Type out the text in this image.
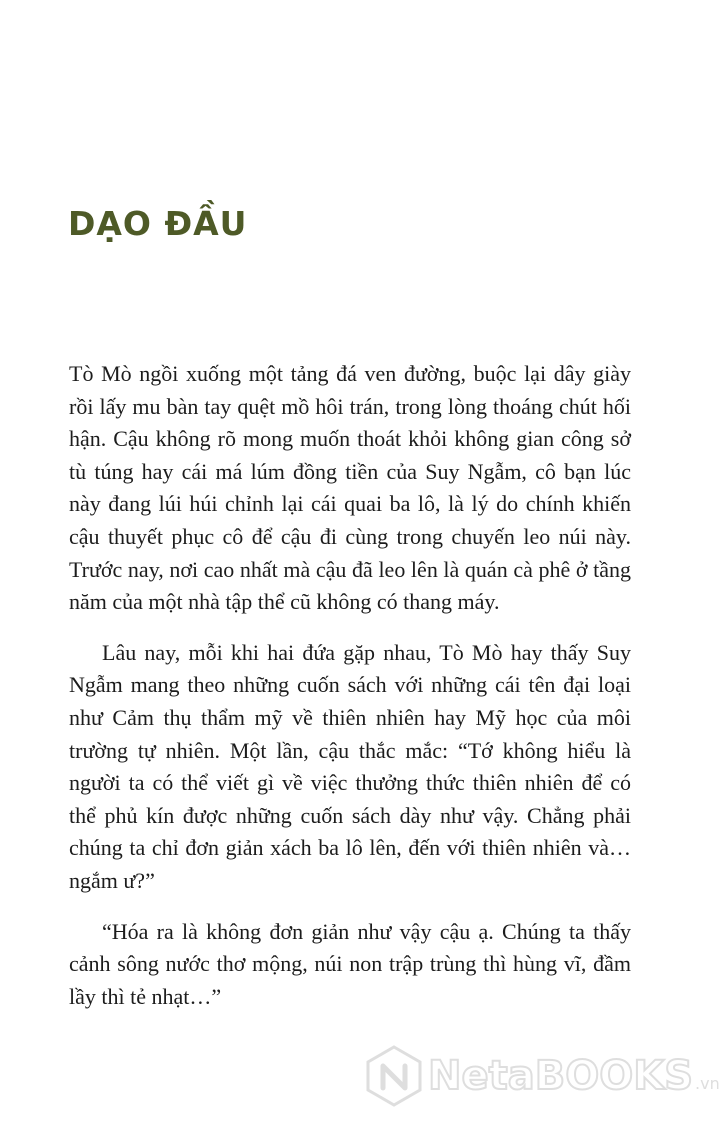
DẠO ĐẦU

Tò Mò ngồi xuống một tảng đá ven đường, buộc lại dây giày rồi lấy mu bàn tay quệt mồ hôi trán, trong lòng thoáng chút hối hận. Cậu không rõ mong muốn thoát khỏi không gian công sở tù túng hay cái má lúm đồng tiền của Suy Ngẫm, cô bạn lúc này đang lúi húi chỉnh lại cái quai ba lô, là lý do chính khiến cậu thuyết phục cô để cậu đi cùng trong chuyến leo núi này. Trước nay, nơi cao nhất mà cậu đã leo lên là quán cà phê ở tầng năm của một nhà tập thể cũ không có thang máy.

Lâu nay, mỗi khi hai đứa gặp nhau, Tò Mò hay thấy Suy Ngẫm mang theo những cuốn sách với những cái tên đại loại như Cảm thụ thẩm mỹ về thiên nhiên hay Mỹ học của môi trường tự nhiên. Một lần, cậu thắc mắc: “Tớ không hiểu là người ta có thể viết gì về việc thưởng thức thiên nhiên để có thể phủ kín được những cuốn sách dày như vậy. Chẳng phải chúng ta chỉ đơn giản xách ba lô lên, đến với thiên nhiên và… ngắm ư?”

“Hóa ra là không đơn giản như vậy cậu ạ. Chúng ta thấy cảnh sông nước thơ mộng, núi non trập trùng thì hùng vĩ, đầm lầy thì tẻ nhạt…”

NetaBOOKS .vn
